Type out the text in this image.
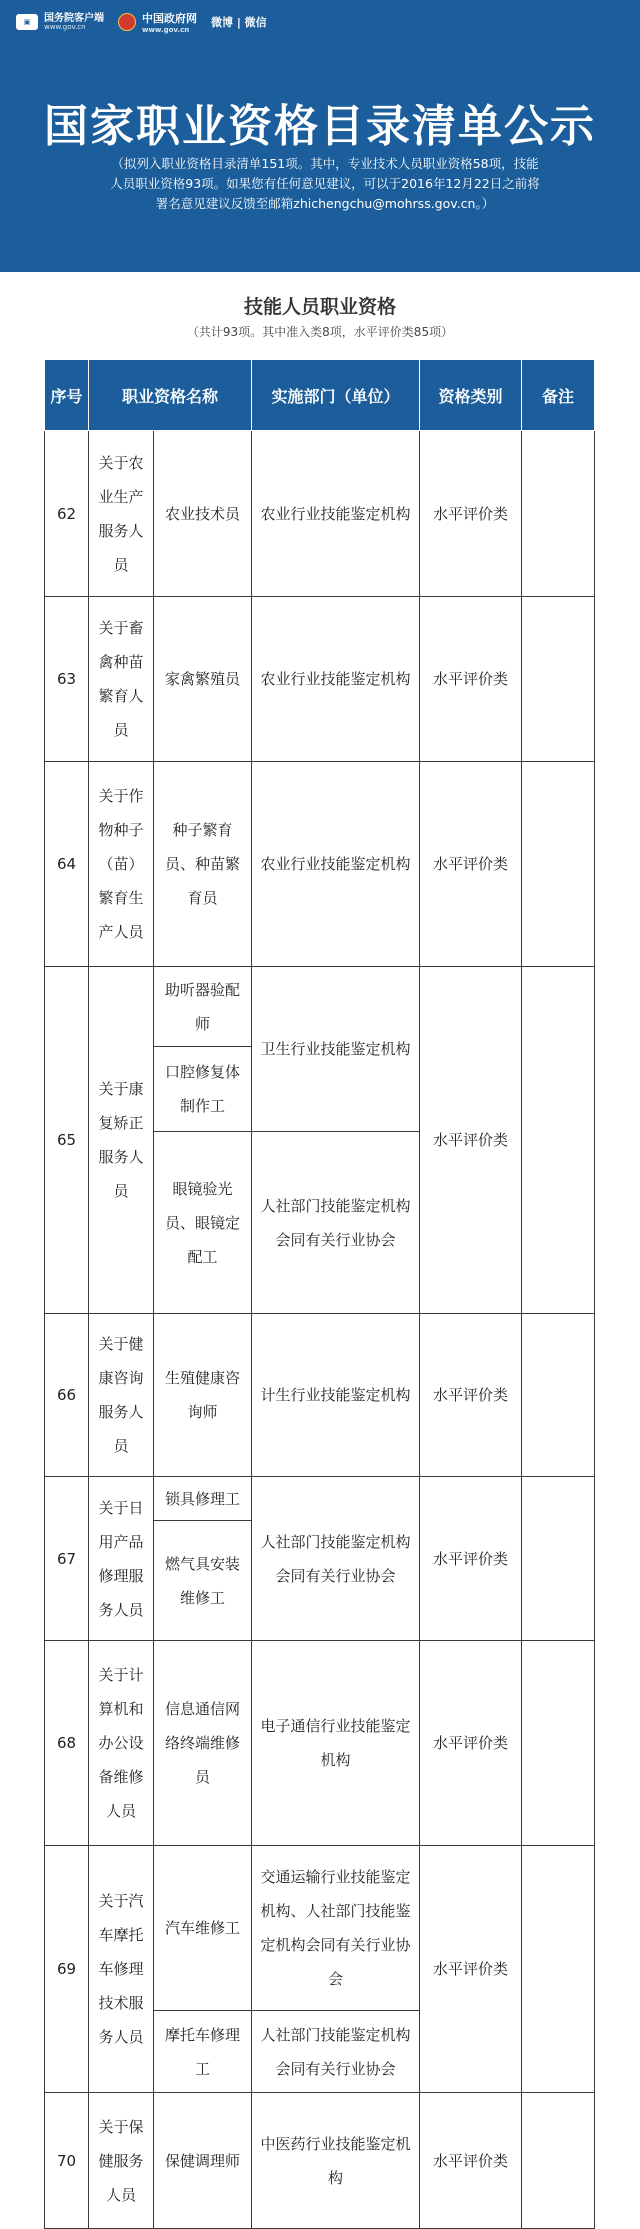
▣	国务院客户端
www.gov.cn
中国政府网
www.gov.cn
微博 | 微信
国家职业资格目录清单公示

（拟列入职业资格目录清单151项。其中，专业技术人员职业资格58项，技能人员职业资格93项。如果您有任何意见建议，可以于2016年12月22日之前将署名意见建议反馈至邮箱zhichengchu@mohrss.gov.cn。）

技能人员职业资格
（共计93项。其中准入类8项，水平评价类85项）
序号	职业资格名称		实施部门（单位）	资格类别	备注
62	关于农业生产服务人员	农业技术员	农业行业技能鉴定机构	水平评价类	
63	关于畜禽种苗繁育人员	家禽繁殖员	农业行业技能鉴定机构	水平评价类	
64	关于作物种子（苗）繁育生产人员	种子繁育员、种苗繁育员	农业行业技能鉴定机构	水平评价类	
65	关于康复矫正服务人员	助听器验配师	卫生行业技能鉴定机构	水平评价类	
		口腔修复体制作工			
		眼镜验光员、眼镜定配工	人社部门技能鉴定机构会同有关行业协会		
66	关于健康咨询服务人员	生殖健康咨询师	计生行业技能鉴定机构	水平评价类	
67	关于日用产品修理服务人员	锁具修理工	人社部门技能鉴定机构会同有关行业协会	水平评价类	
		燃气具安装维修工			
68	关于计算机和办公设备维修人员	信息通信网络终端维修员	电子通信行业技能鉴定机构	水平评价类	
69	关于汽车摩托车修理技术服务人员	汽车维修工	交通运输行业技能鉴定机构、人社部门技能鉴定机构会同有关行业协会	水平评价类	
		摩托车修理工	人社部门技能鉴定机构会同有关行业协会		
70	关于保健服务人员	保健调理师	中医药行业技能鉴定机构	水平评价类	
